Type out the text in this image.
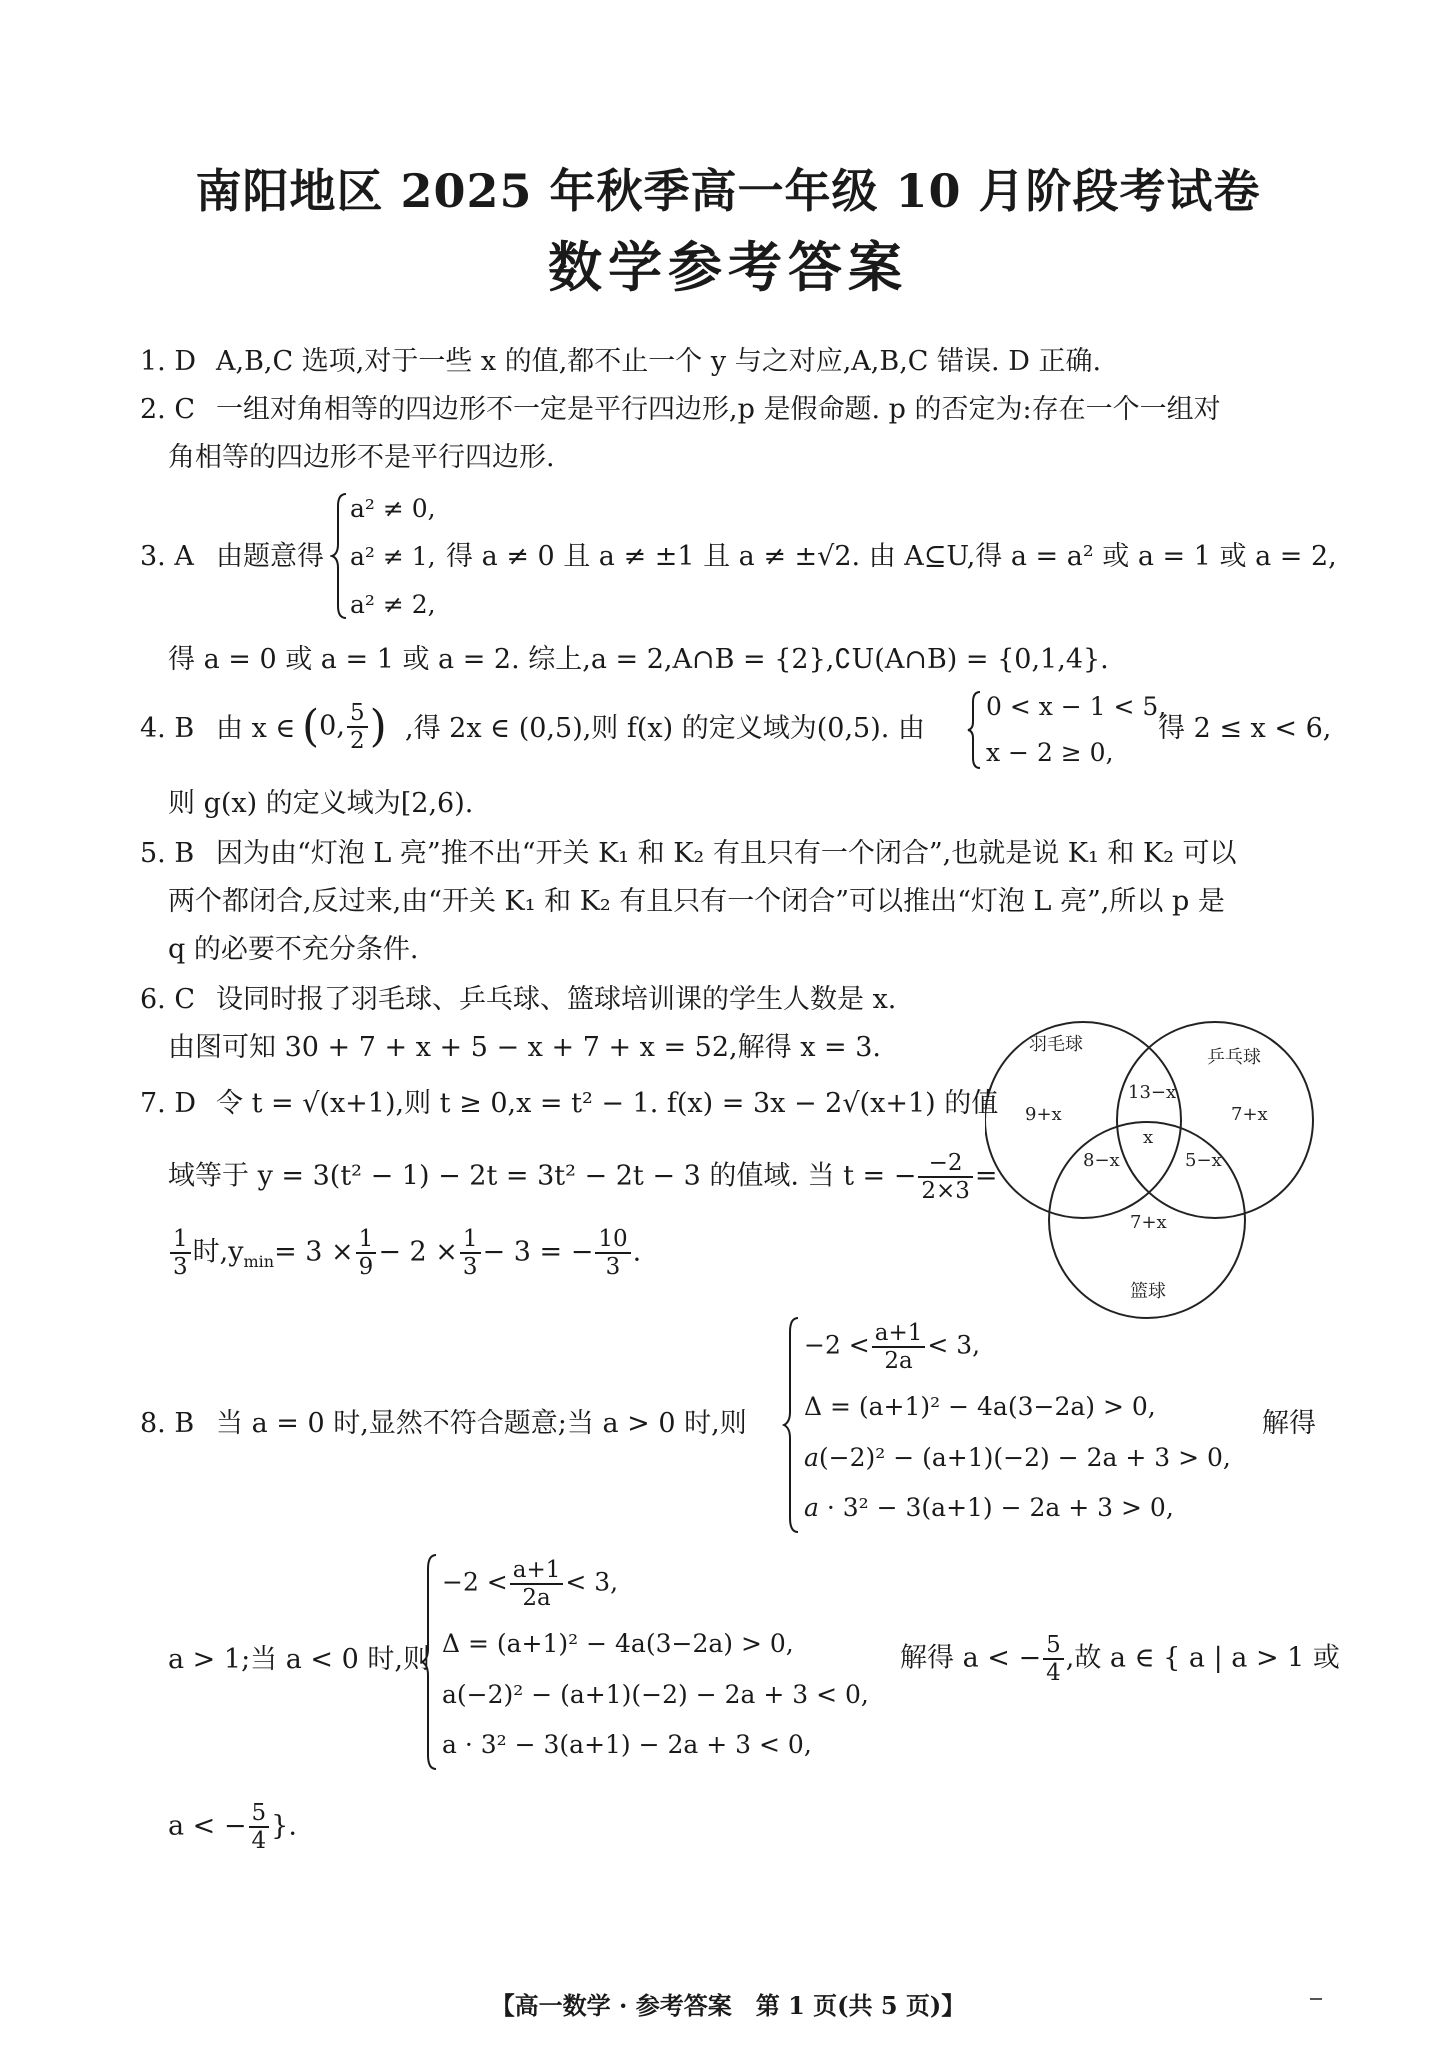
南阳地区 2025 年秋季高一年级 10 月阶段考试卷
数学参考答案
1. D A,B,C 选项,对于一些 x 的值,都不止一个 y 与之对应,A,B,C 错误. D 正确.
2. C 一组对角相等的四边形不一定是平行四边形,p 是假命题. p 的否定为:存在一个一组对
角相等的四边形不是平行四边形.
3. A 由题意得
a² ≠ 0,
a² ≠ 1,
a² ≠ 2,
得 a ≠ 0 且 a ≠ ±1 且 a ≠ ±√2. 由 A⊆U,得 a = a² 或 a = 1 或 a = 2,
得 a = 0 或 a = 1 或 a = 2. 综上,a = 2,A∩B = {2},∁U(A∩B) = {0,1,4}.
4. B 由 x ∈ (0, $\frac{5}{2}$ ) ,得 2x ∈ (0,5),则 f(x) 的定义域为(0,5). 由
0 < x − 1 < 5,
x − 2 ≥ 0,
得 2 ≤ x < 6,
则 g(x) 的定义域为[2,6).
5. B 因为由“灯泡 L 亮”推不出“开关 K₁ 和 K₂ 有且只有一个闭合”,也就是说 K₁ 和 K₂ 可以
两个都闭合,反过来,由“开关 K₁ 和 K₂ 有且只有一个闭合”可以推出“灯泡 L 亮”,所以 p 是
q 的必要不充分条件.
6. C 设同时报了羽毛球、乒乓球、篮球培训课的学生人数是 x.
由图可知 30 + 7 + x + 5 − x + 7 + x = 52,解得 x = 3.	羽毛球
乒乓球
篮球
9+x	7+x
7+x
13−x
8−x	5−x
x
7. D 令 t = √(x+1),则 t ≥ 0,x = t² − 1. f(x) = 3x − 2√(x+1) 的值
域等于 y = 3(t² − 1) − 2t = 3t² − 2t − 3 的值域. 当 t = − $\frac{-2}{2\times 3}$ =
$\frac{1}{3}$ 时$,y_{min}= 3 \times \frac{1}{9} - 2 \times \frac{1}{3} - 3$ = − $\frac{10}{3}$ .
8. B 当 a = 0 时,显然不符合题意;当 a > 0 时,则
$-2 < \frac{a+1}{2a} < 3$,
Δ = (a+1)² − 4a(3−2a) > 0,
a(−2)² − (a+1)(−2) − 2a + 3 > 0,
a · 3² − 3(a+1) − 2a + 3 > 0,
解得
a > 1;当 a < 0 时,则
$-2 < \frac{a+1}{2a} < 3$,
Δ = (a+1)² − 4a(3−2a) > 0,
a(−2)² − (a+1)(−2) − 2a + 3 < 0,
a · 3² − 3(a+1) − 2a + 3 < 0,
解得 a < − $\frac{5}{4}$ ,故 a ∈ { a | a > 1 或
a < − $\frac{5}{4}$ }.
【高一数学 · 参考答案　第 1 页(共 5 页)】
